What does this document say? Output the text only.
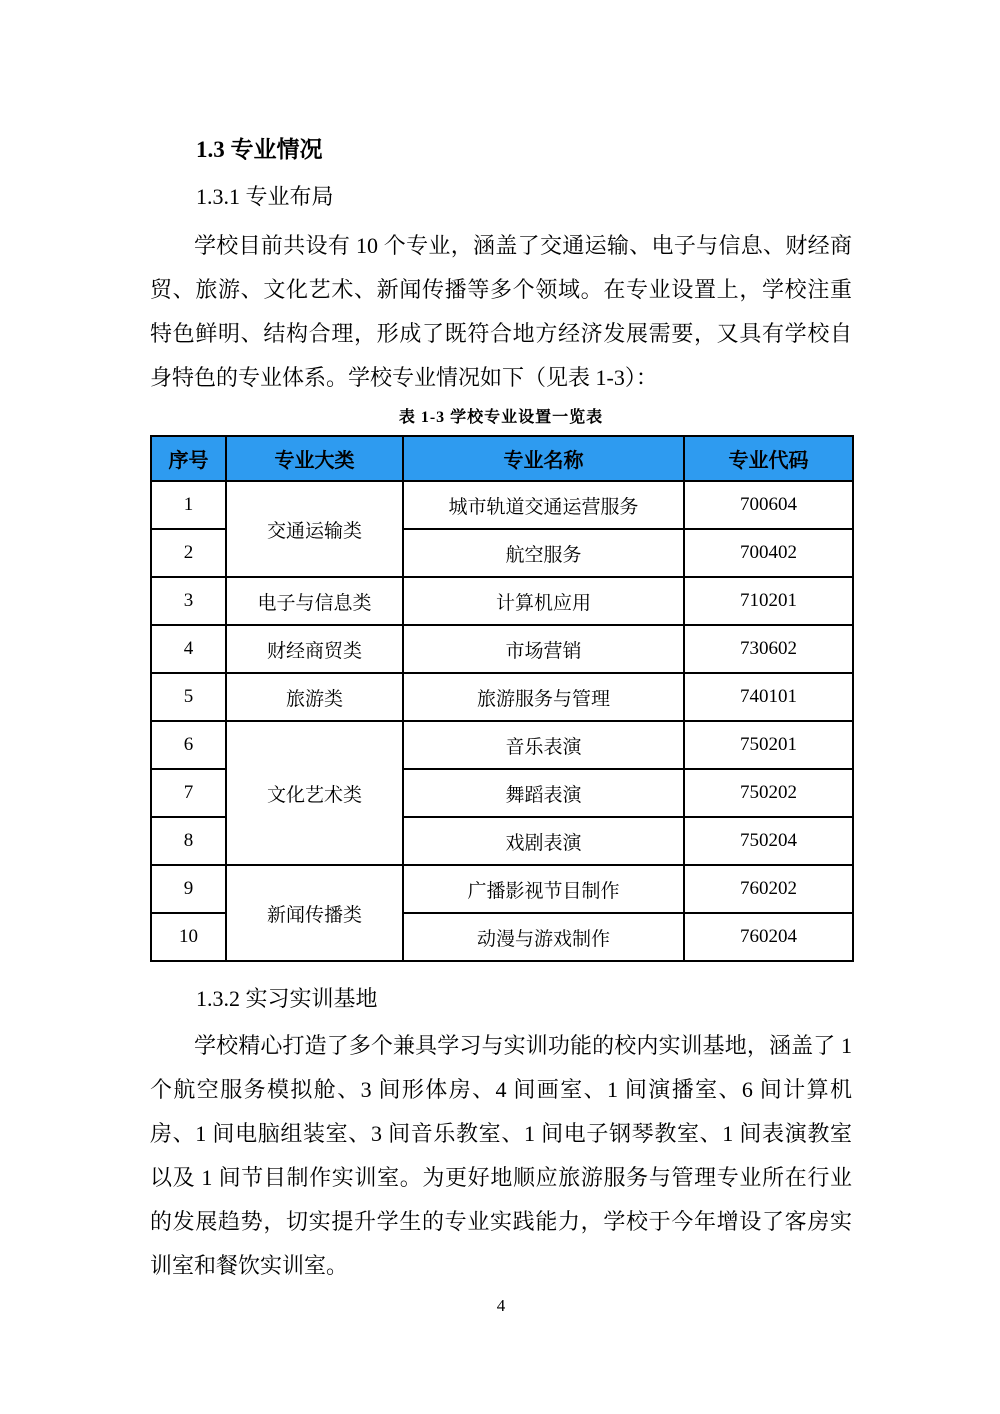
1.3 专业情况
1.3.1 专业布局

学校目前共设有 10 个专业，涵盖了交通运输、电子与信息、财经商贸、旅游、文化艺术、新闻传播等多个领域。在专业设置上，学校注重特色鲜明、结构合理，形成了既符合地方经济发展需要，又具有学校自身特色的专业体系。学校专业情况如下（见表 1-3）：

表 1-3 学校专业设置一览表
序号	专业大类	专业名称	专业代码
1	交通运输类	城市轨道交通运营服务	700604
2		航空服务	700402
3	电子与信息类	计算机应用	710201
4	财经商贸类	市场营销	730602
5	旅游类	旅游服务与管理	740101
6	文化艺术类	音乐表演	750201
7		舞蹈表演	750202
8		戏剧表演	750204
9	新闻传播类	广播影视节目制作	760202
10		动漫与游戏制作	760204
1.3.2 实习实训基地

学校精心打造了多个兼具学习与实训功能的校内实训基地，涵盖了 1 个航空服务模拟舱、3 间形体房、4 间画室、1 间演播室、6 间计算机房、1 间电脑组装室、3 间音乐教室、1 间电子钢琴教室、1 间表演教室以及 1 间节目制作实训室。为更好地顺应旅游服务与管理专业所在行业的发展趋势，切实提升学生的专业实践能力，学校于今年增设了客房实训室和餐饮实训室。

4
